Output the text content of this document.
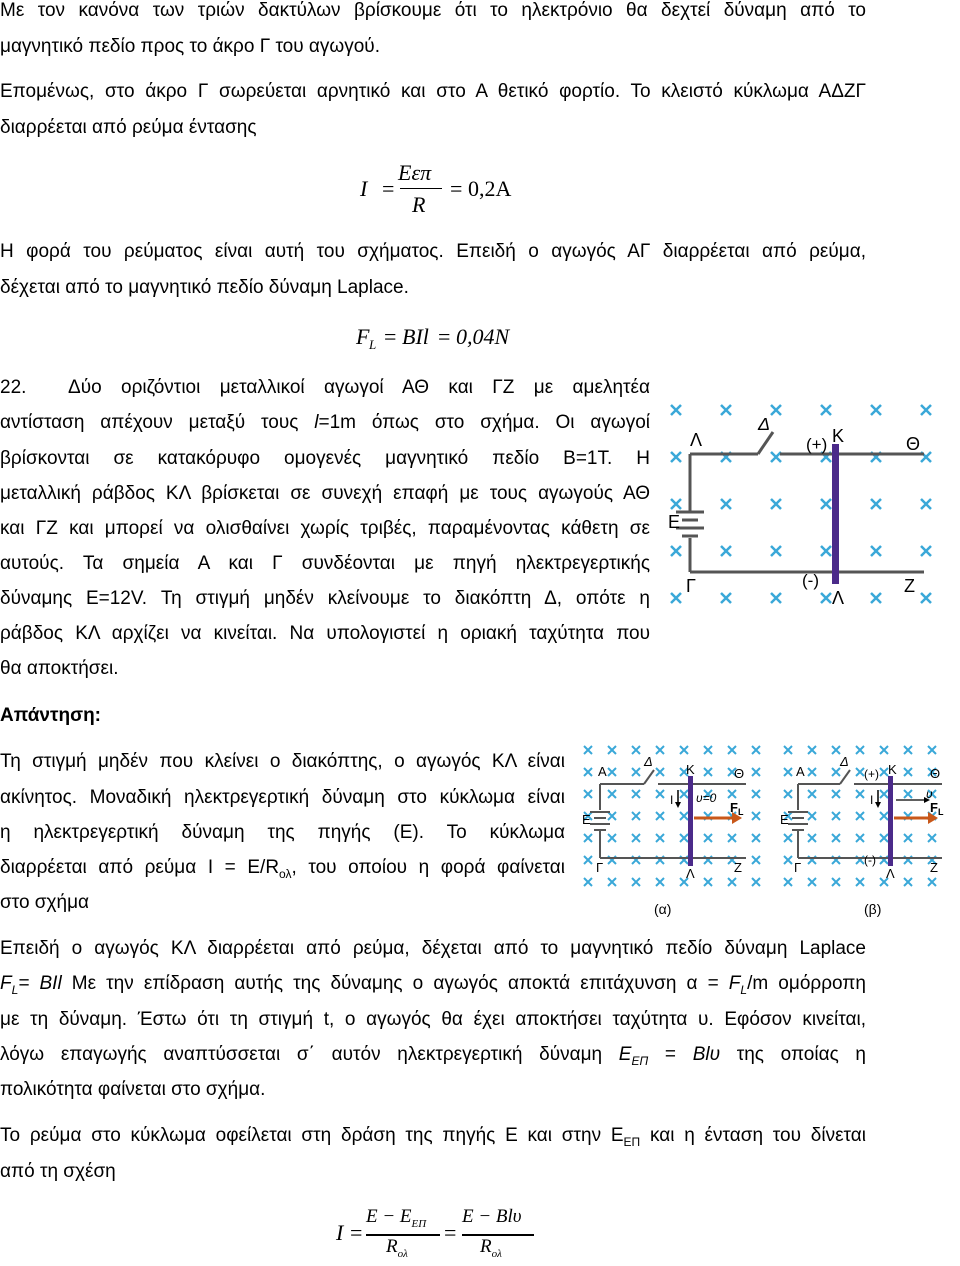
Με τον κανόνα των τριών δακτύλων βρίσκουμε ότι το ηλεκτρόνιο θα δεχτεί δύναμη από το
μαγνητικό πεδίο προς το άκρο Γ του αγωγού.
Επομένως, στο άκρο Γ σωρεύεται αρνητικό και στο Α θετικό φορτίο. Το κλειστό κύκλωμα ΑΔΖΓ
διαρρέεται από ρεύμα έντασης
I =
Εεπ
R
= 0,2A
Η φορά του ρεύματος είναι αυτή του σχήματος. Επειδή ο αγωγός ΑΓ διαρρέεται από ρεύμα,
δέχεται από το μαγνητικό πεδίο δύναμη Laplace.
F L = BIl = 0,04N
22. Δύο οριζόντιοι μεταλλικοί αγωγοί ΑΘ και ΓΖ με αμελητέα
αντίσταση απέχουν μεταξύ τους l=1m όπως στο σχήμα. Οι αγωγοί
βρίσκονται σε κατακόρυφο ομογενές μαγνητικό πεδίο Β=1Τ. Η
μεταλλική ράβδος ΚΛ βρίσκεται σε συνεχή επαφή με τους αγωγούς ΑΘ
και ΓΖ και μπορεί να ολισθαίνει χωρίς τριβές, παραμένοντας κάθετη σε
αυτούς. Τα σημεία Α και Γ συνδέονται με πηγή ηλεκτρεγερτικής
δύναμης Ε=12V. Τη στιγμή μηδέν κλείνουμε το διακόπτη Δ, οπότε η
ράβδος ΚΛ αρχίζει να κινείται. Να υπολογιστεί η οριακή ταχύτητα που
θα αποκτήσει.
Λ
Δ
(+) Κ	Θ
E
Γ	(-)
Λ
Ζ
Απάντηση:
Τη στιγμή μηδέν που κλείνει ο διακόπτης, ο αγωγός ΚΛ είναι
ακίνητος. Μοναδική ηλεκτρεγερτική δύναμη στο κύκλωμα είναι
η ηλεκτρεγερτική δύναμη της πηγής (Ε). Το κύκλωμα
διαρρέεται από ρεύμα $I = E/R_{o\lambda}$, του οποίου η φορά φαίνεται
στο σχήμα
Α
Δ
Κ	Θ
E
Γ	Λ	Ζ
I υ=0
$F_L$
(α)
Α
Δ
(+) Κ	Θ
E
Γ	(-)
Λ	Ζ
I	υ
$F_L$
(β)
Επειδή ο αγωγός ΚΛ διαρρέεται από ρεύμα, δέχεται από το μαγνητικό πεδίο δύναμη Laplace
$F_L=$ BIl Με την επίδραση αυτής της δύναμης ο αγωγός αποκτά επιτάχυνση $\alpha = F_L/m$ ομόρροπη
με τη δύναμη. Έστω ότι τη στιγμή t, ο αγωγός θα έχει αποκτήσει ταχύτητα υ. Εφόσον κινείται,
λόγω επαγωγής αναπτύσσεται σ΄ αυτόν ηλεκτρεγερτική δύναμη $E_{E\Pi} = Bl\upsilon$ της οποίας η
πολικότητα φαίνεται στο σχήμα.
Το ρεύμα στο κύκλωμα οφείλεται στη δράση της πηγής Ε και στην $E_{E\Pi}$ και η ένταση του δίνεται
από τη σχέση
I =
$E - E_{E\Pi}$
$R_{o\lambda}$
=
E − Blυ
$R_{o\lambda}$
